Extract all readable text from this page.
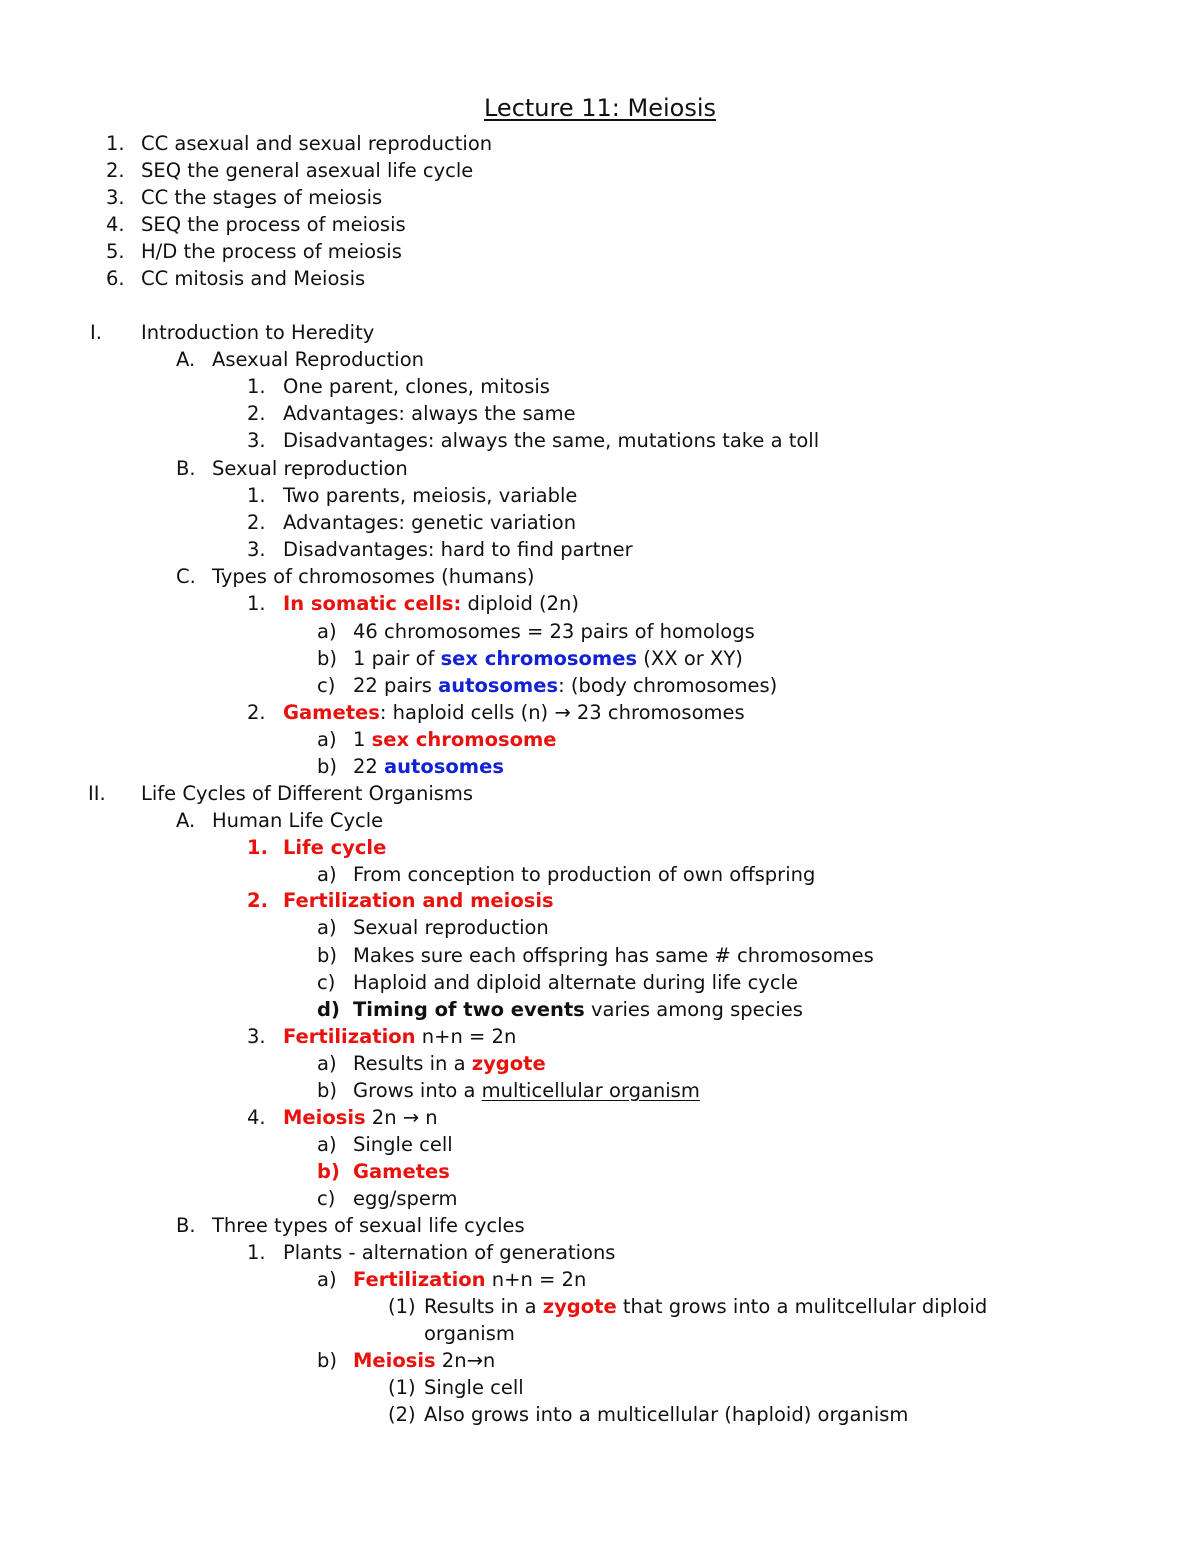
Lecture 11: Meiosis
1. CC asexual and sexual reproduction
2. SEQ the general asexual life cycle
3. CC the stages of meiosis
4. SEQ the process of meiosis
5. H/D the process of meiosis
6. CC mitosis and Meiosis
I. Introduction to Heredity
A. Asexual Reproduction
1. One parent, clones, mitosis
2. Advantages: always the same
3. Disadvantages: always the same, mutations take a toll
B. Sexual reproduction
1. Two parents, meiosis, variable
2. Advantages: genetic variation
3. Disadvantages: hard to find partner
C. Types of chromosomes (humans)
1. In somatic cells: diploid (2n)
a) 46 chromosomes = 23 pairs of homologs
b) 1 pair of sex chromosomes (XX or XY)
c) 22 pairs autosomes: (body chromosomes)
2. Gametes: haploid cells (n) → 23 chromosomes
a) 1 sex chromosome
b) 22 autosomes
II. Life Cycles of Different Organisms
A. Human Life Cycle
1. Life cycle
a) From conception to production of own offspring
2. Fertilization and meiosis
a) Sexual reproduction
b) Makes sure each offspring has same # chromosomes
c) Haploid and diploid alternate during life cycle
d) Timing of two events varies among species
3. Fertilization n+n = 2n
a) Results in a zygote
b) Grows into a multicellular organism
4. Meiosis 2n → n
a) Single cell
b) Gametes
c) egg/sperm
B. Three types of sexual life cycles
1. Plants - alternation of generations
a) Fertilization n+n = 2n
(1) Results in a zygote that grows into a mulitcellular diploid
organism
b) Meiosis 2n→n
(1) Single cell
(2) Also grows into a multicellular (haploid) organism
